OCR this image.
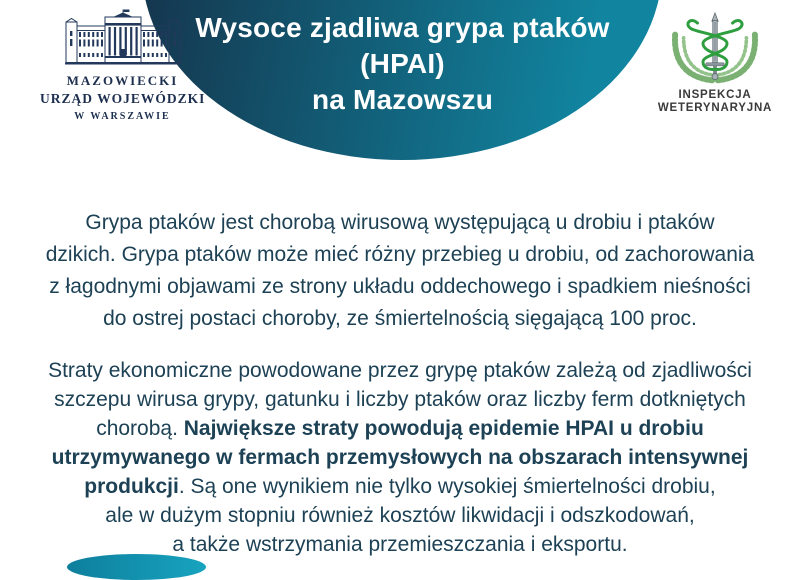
Wysoce zjadliwa grypa ptaków
(HPAI)
na Mazowszu
MAZOWIECKI
URZĄD WOJEWÓDZKI
W WARSZAWIE
INSPEKCJA
WETERYNARYJNA

Grypa ptaków jest chorobą wirusową występującą u drobiu i ptaków
dzikich. Grypa ptaków może mieć różny przebieg u drobiu, od zachorowania
z łagodnymi objawami ze strony układu oddechowego i spadkiem nieśności
do ostrej postaci choroby, ze śmiertelnością sięgającą 100 proc.

Straty ekonomiczne powodowane przez grypę ptaków zależą od zjadliwości
szczepu wirusa grypy, gatunku i liczby ptaków oraz liczby ferm dotkniętych
chorobą. Największe straty powodują epidemie HPAI u drobiu
utrzymywanego w fermach przemysłowych na obszarach intensywnej
produkcji. Są one wynikiem nie tylko wysokiej śmiertelności drobiu,
ale w dużym stopniu również kosztów likwidacji i odszkodowań,
a także wstrzymania przemieszczania i eksportu.
